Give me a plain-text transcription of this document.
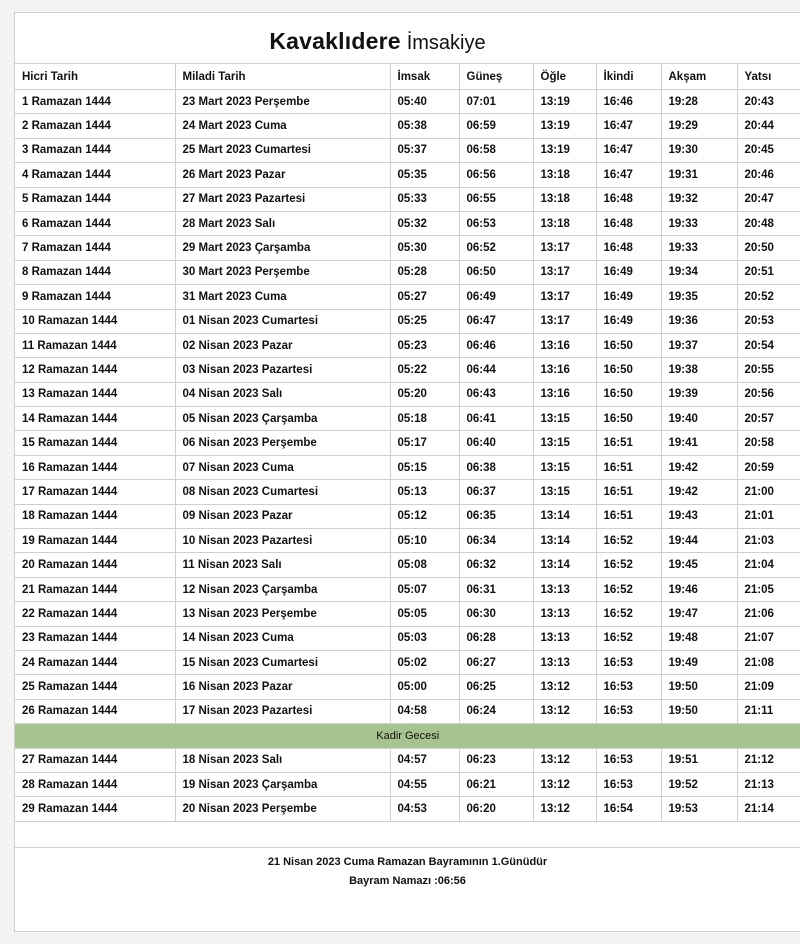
Kavaklıdere İmsakiye
Hicri Tarih	Miladi Tarih	İmsak	Güneş	Öğle	İkindi	Akşam	Yatsı
1 Ramazan 1444	23 Mart 2023 Perşembe	05:40	07:01	13:19	16:46	19:28	20:43
2 Ramazan 1444	24 Mart 2023 Cuma	05:38	06:59	13:19	16:47	19:29	20:44
3 Ramazan 1444	25 Mart 2023 Cumartesi	05:37	06:58	13:19	16:47	19:30	20:45
4 Ramazan 1444	26 Mart 2023 Pazar	05:35	06:56	13:18	16:47	19:31	20:46
5 Ramazan 1444	27 Mart 2023 Pazartesi	05:33	06:55	13:18	16:48	19:32	20:47
6 Ramazan 1444	28 Mart 2023 Salı	05:32	06:53	13:18	16:48	19:33	20:48
7 Ramazan 1444	29 Mart 2023 Çarşamba	05:30	06:52	13:17	16:48	19:33	20:50
8 Ramazan 1444	30 Mart 2023 Perşembe	05:28	06:50	13:17	16:49	19:34	20:51
9 Ramazan 1444	31 Mart 2023 Cuma	05:27	06:49	13:17	16:49	19:35	20:52
10 Ramazan 1444	01 Nisan 2023 Cumartesi	05:25	06:47	13:17	16:49	19:36	20:53
11 Ramazan 1444	02 Nisan 2023 Pazar	05:23	06:46	13:16	16:50	19:37	20:54
12 Ramazan 1444	03 Nisan 2023 Pazartesi	05:22	06:44	13:16	16:50	19:38	20:55
13 Ramazan 1444	04 Nisan 2023 Salı	05:20	06:43	13:16	16:50	19:39	20:56
14 Ramazan 1444	05 Nisan 2023 Çarşamba	05:18	06:41	13:15	16:50	19:40	20:57
15 Ramazan 1444	06 Nisan 2023 Perşembe	05:17	06:40	13:15	16:51	19:41	20:58
16 Ramazan 1444	07 Nisan 2023 Cuma	05:15	06:38	13:15	16:51	19:42	20:59
17 Ramazan 1444	08 Nisan 2023 Cumartesi	05:13	06:37	13:15	16:51	19:42	21:00
18 Ramazan 1444	09 Nisan 2023 Pazar	05:12	06:35	13:14	16:51	19:43	21:01
19 Ramazan 1444	10 Nisan 2023 Pazartesi	05:10	06:34	13:14	16:52	19:44	21:03
20 Ramazan 1444	11 Nisan 2023 Salı	05:08	06:32	13:14	16:52	19:45	21:04
21 Ramazan 1444	12 Nisan 2023 Çarşamba	05:07	06:31	13:13	16:52	19:46	21:05
22 Ramazan 1444	13 Nisan 2023 Perşembe	05:05	06:30	13:13	16:52	19:47	21:06
23 Ramazan 1444	14 Nisan 2023 Cuma	05:03	06:28	13:13	16:52	19:48	21:07
24 Ramazan 1444	15 Nisan 2023 Cumartesi	05:02	06:27	13:13	16:53	19:49	21:08
25 Ramazan 1444	16 Nisan 2023 Pazar	05:00	06:25	13:12	16:53	19:50	21:09
26 Ramazan 1444	17 Nisan 2023 Pazartesi	04:58	06:24	13:12	16:53	19:50	21:11
Kadir Gecesi							
27 Ramazan 1444	18 Nisan 2023 Salı	04:57	06:23	13:12	16:53	19:51	21:12
28 Ramazan 1444	19 Nisan 2023 Çarşamba	04:55	06:21	13:12	16:53	19:52	21:13
29 Ramazan 1444	20 Nisan 2023 Perşembe	04:53	06:20	13:12	16:54	19:53	21:14
21 Nisan 2023 Cuma Ramazan Bayramının 1.Günüdür
Bayram Namazı :06:56
